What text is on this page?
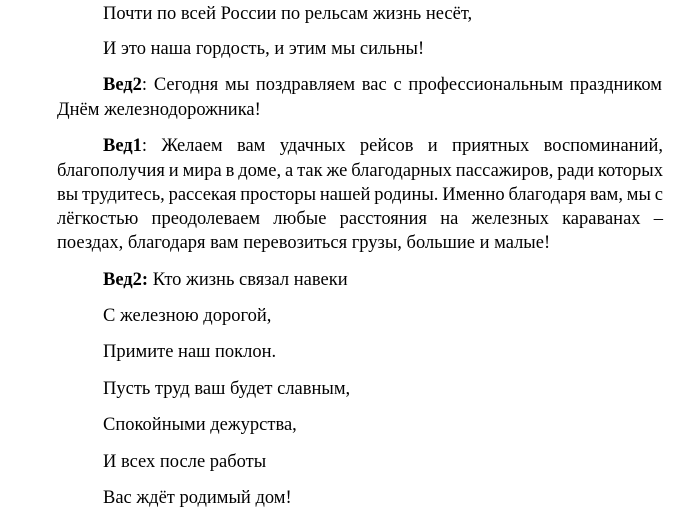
Почти по всей России по рельсам жизнь несёт,
И это наша гордость, и этим мы сильны!
Вед2: Сегодня мы поздравляем вас с профессиональным праздником
Днём железнодорожника!
Вед1: Желаем вам удачных рейсов и приятных воспоминаний,
благополучия и мира в доме, а так же благодарных пассажиров, ради которых
вы трудитесь, рассекая просторы нашей родины. Именно благодаря вам, мы с
лёгкостью преодолеваем любые расстояния на железных караванах –
поездах, благодаря вам перевозиться грузы, большие и малые!
Вед2: Кто жизнь связал навеки
С железною дорогой,
Примите наш поклон.
Пусть труд ваш будет славным,
Спокойными дежурства,
И всех после работы
Вас ждёт родимый дом!
